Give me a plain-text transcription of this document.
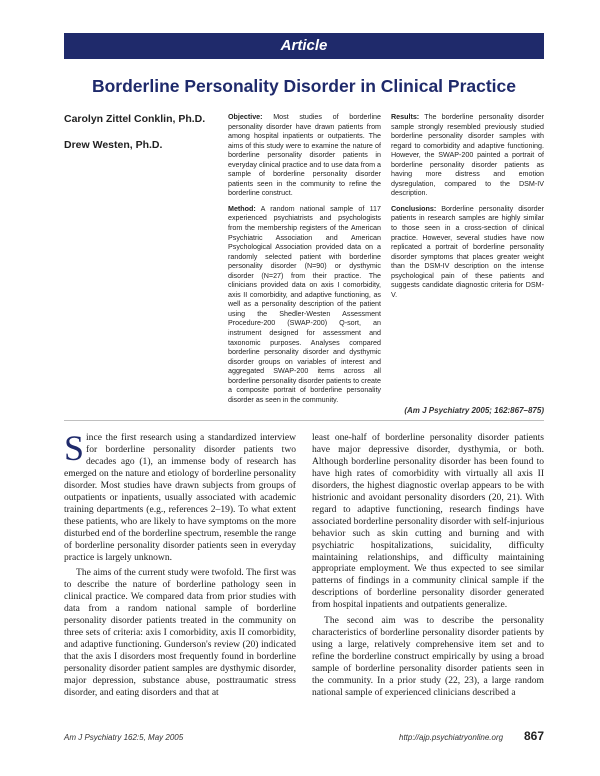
Article
Borderline Personality Disorder in Clinical Practice
Carolyn Zittel Conklin, Ph.D.
Drew Westen, Ph.D.

Objective: Most studies of borderline personality disorder have drawn patients from among hospital inpatients or outpatients. The aims of this study were to examine the nature of borderline personality disorder patients in everyday clinical practice and to use data from a sample of borderline personality disorder patients seen in the community to refine the borderline construct.

Method: A random national sample of 117 experienced psychiatrists and psychologists from the membership registers of the American Psychiatric Association and American Psychological Association provided data on a randomly selected patient with borderline personality disorder (N=90) or dysthymic disorder (N=27) from their practice. The clinicians provided data on axis I comorbidity, axis II comorbidity, and adaptive functioning, as well as a personality description of the patient using the Shedler-Westen Assessment Procedure-200 (SWAP-200) Q-sort, an instrument designed for assessment and taxonomic purposes. Analyses compared borderline personality disorder and dysthymic disorder groups on variables of interest and aggregated SWAP-200 items across all borderline personality disorder patients to create a composite portrait of borderline personality disorder as seen in the community.

Results: The borderline personality disorder sample strongly resembled previously studied borderline personality disorder samples with regard to comorbidity and adaptive functioning. However, the SWAP-200 painted a portrait of borderline personality disorder patients as having more distress and emotion dysregulation, compared to the DSM-IV description.

Conclusions: Borderline personality disorder patients in research samples are highly similar to those seen in a cross-section of clinical practice. However, several studies have now replicated a portrait of borderline personality disorder symptoms that places greater weight than the DSM-IV description on the intense psychological pain of these patients and suggests candidate diagnostic criteria for DSM-V.

(Am J Psychiatry 2005; 162:867–875)

Since the first research using a standardized interview for borderline personality disorder patients two decades ago (1), an immense body of research has emerged on the nature and etiology of borderline personality disorder. Most studies have drawn subjects from groups of outpatients or inpatients, usually associated with academic training departments (e.g., references 2–19). To what extent these patients, who are likely to have symptoms on the more disturbed end of the borderline spectrum, resemble the range of borderline personality disorder patients seen in everyday practice is largely unknown.

The aims of the current study were twofold. The first was to describe the nature of borderline pathology seen in clinical practice. We compared data from prior studies with data from a random national sample of borderline personality disorder patients treated in the community on three sets of criteria: axis I comorbidity, axis II comorbidity, and adaptive functioning. Gunderson's review (20) indicated that the axis I disorders most frequently found in borderline personality disorder patient samples are dysthymic disorder, major depression, substance abuse, posttraumatic stress disorder, and eating disorders and that at

least one-half of borderline personality disorder patients have major depressive disorder, dysthymia, or both. Although borderline personality disorder has been found to have high rates of comorbidity with virtually all axis II disorders, the highest diagnostic overlap appears to be with histrionic and avoidant personality disorders (20, 21). With regard to adaptive functioning, research findings have associated borderline personality disorder with self-injurious behavior such as skin cutting and burning and with psychiatric hospitalizations, suicidality, difficulty maintaining relationships, and difficulty maintaining appropriate employment. We thus expected to see similar patterns of findings in a community clinical sample if the descriptions of borderline personality disorder generated from hospital inpatients and outpatients generalize.

The second aim was to describe the personality characteristics of borderline personality disorder patients by using a large, relatively comprehensive item set and to refine the borderline construct empirically by using a broad sample of borderline personality disorder patients seen in the community. In a prior study (22, 23), a large random national sample of experienced clinicians described a

Am J Psychiatry 162:5, May 2005	http://ajp.psychiatryonline.org 867
